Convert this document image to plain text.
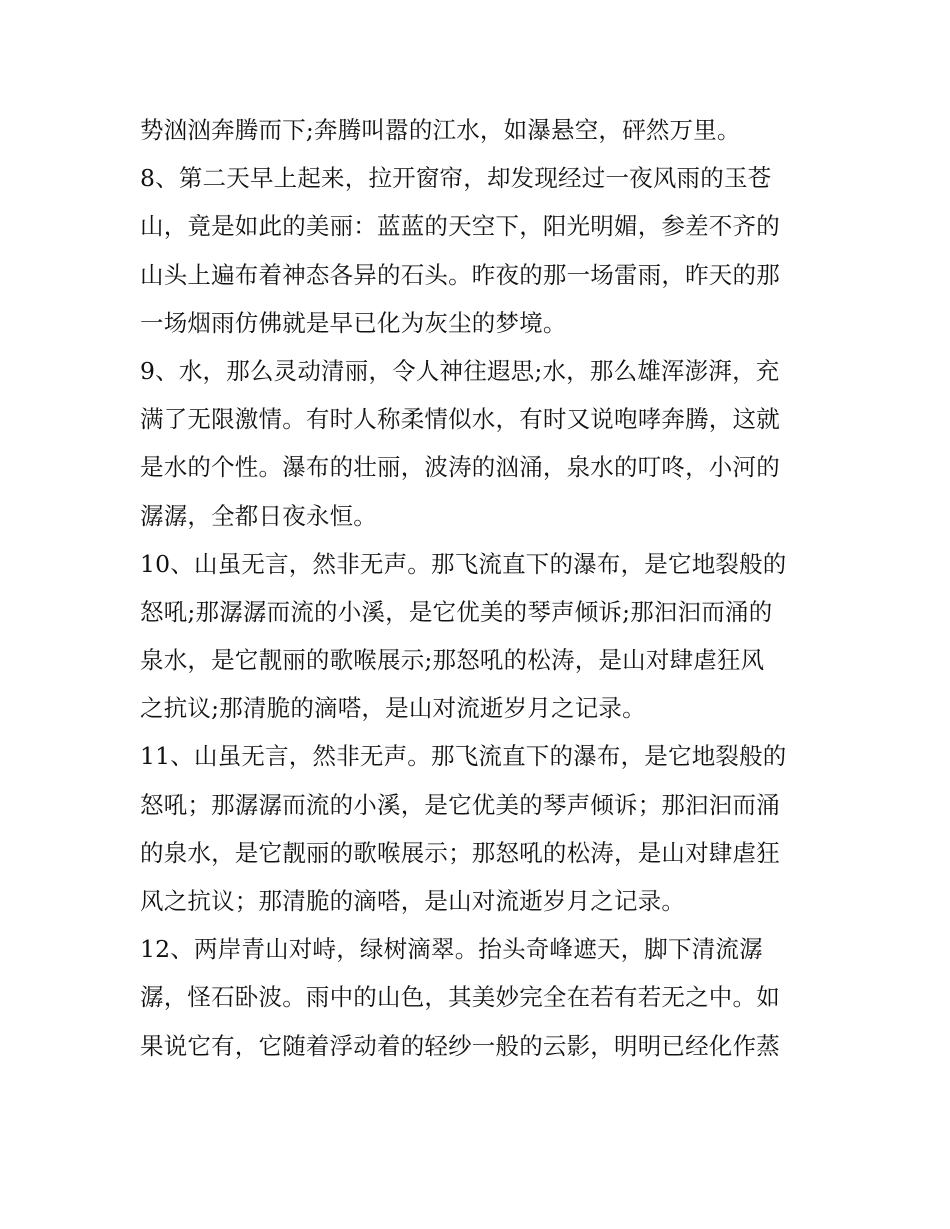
势汹汹奔腾而下;奔腾叫嚣的江水，如瀑悬空，砰然万里。
8、第二天早上起来，拉开窗帘，却发现经过一夜风雨的玉苍
山，竟是如此的美丽：蓝蓝的天空下，阳光明媚，参差不齐的
山头上遍布着神态各异的石头。昨夜的那一场雷雨，昨天的那
一场烟雨仿佛就是早已化为灰尘的梦境。
9、水，那么灵动清丽，令人神往遐思;水，那么雄浑澎湃，充
满了无限激情。有时人称柔情似水，有时又说咆哮奔腾，这就
是水的个性。瀑布的壮丽，波涛的汹涌，泉水的叮咚，小河的
潺潺，全都日夜永恒。
10、山虽无言，然非无声。那飞流直下的瀑布，是它地裂般的
怒吼;那潺潺而流的小溪，是它优美的琴声倾诉;那汩汩而涌的
泉水，是它靓丽的歌喉展示;那怒吼的松涛，是山对肆虐狂风
之抗议;那清脆的滴嗒，是山对流逝岁月之记录。
11、山虽无言，然非无声。那飞流直下的瀑布，是它地裂般的
怒吼；那潺潺而流的小溪，是它优美的琴声倾诉；那汩汩而涌
的泉水，是它靓丽的歌喉展示；那怒吼的松涛，是山对肆虐狂
风之抗议；那清脆的滴嗒，是山对流逝岁月之记录。
12、两岸青山对峙，绿树滴翠。抬头奇峰遮天，脚下清流潺
潺，怪石卧波。雨中的山色，其美妙完全在若有若无之中。如
果说它有，它随着浮动着的轻纱一般的云影，明明已经化作蒸
